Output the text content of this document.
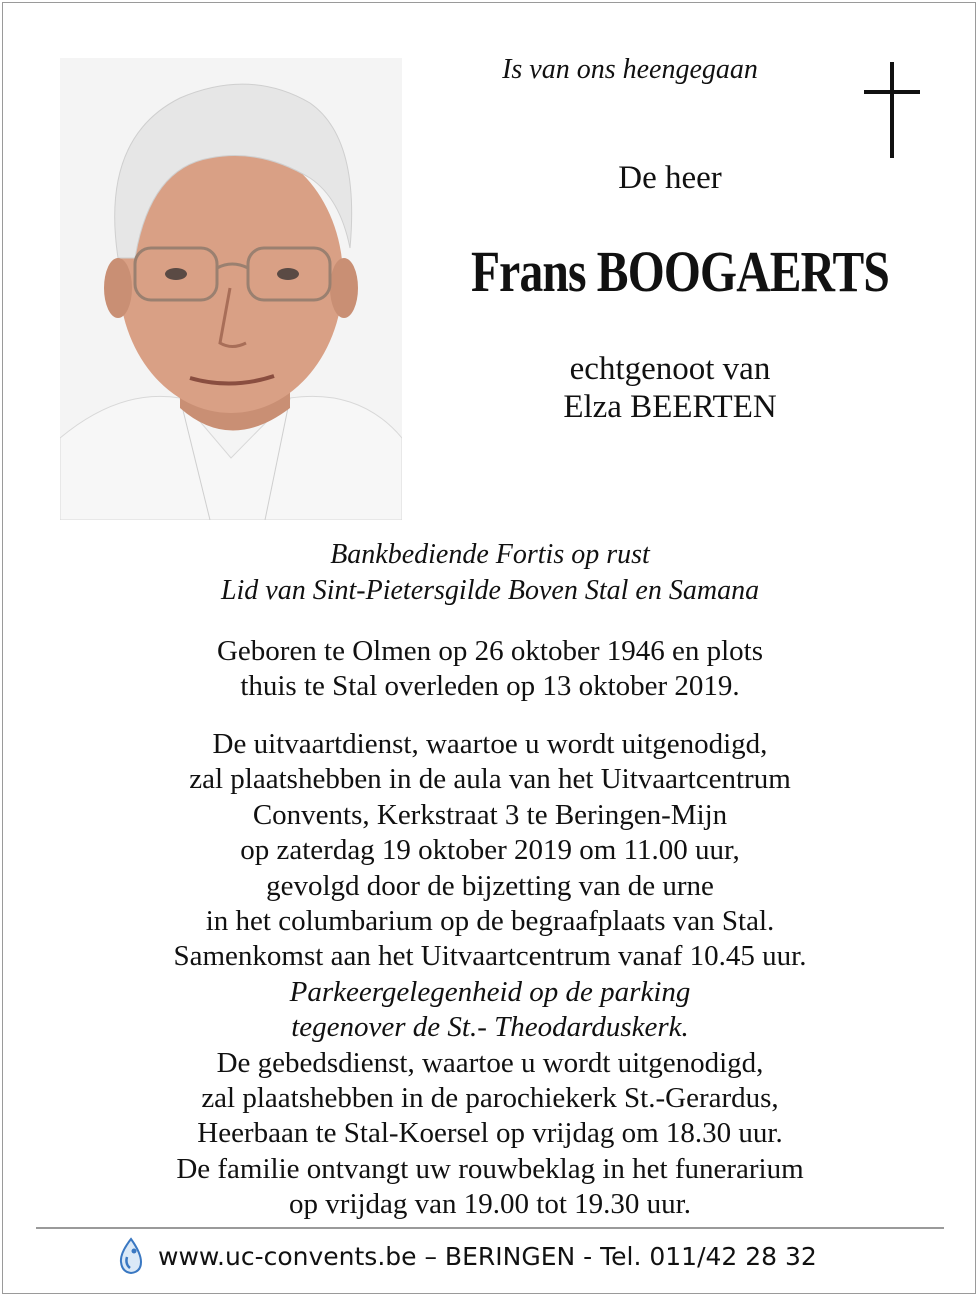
Is van ons heengegaan
De heer
Frans BOOGAERTS
echtgenoot van
Elza BEERTEN
Bankbediende Fortis op rust
Lid van Sint-Pietersgilde Boven Stal en Samana
Geboren te Olmen op 26 oktober 1946 en plots
thuis te Stal overleden op 13 oktober 2019.
De uitvaartdienst, waartoe u wordt uitgenodigd,
zal plaatshebben in de aula van het Uitvaartcentrum
Convents, Kerkstraat 3 te Beringen-Mijn
op zaterdag 19 oktober 2019 om 11.00 uur,
gevolgd door de bijzetting van de urne
in het columbarium op de begraafplaats van Stal.
Samenkomst aan het Uitvaartcentrum vanaf 10.45 uur.
Parkeergelegenheid op de parking
tegenover de St.- Theodarduskerk.
De gebedsdienst, waartoe u wordt uitgenodigd,
zal plaatshebben in de parochiekerk St.-Gerardus,
Heerbaan te Stal-Koersel op vrijdag om 18.30 uur.
De familie ontvangt uw rouwbeklag in het funerarium
op vrijdag van 19.00 tot 19.30 uur.
www.uc-convents.be – BERINGEN - Tel. 011/42 28 32
